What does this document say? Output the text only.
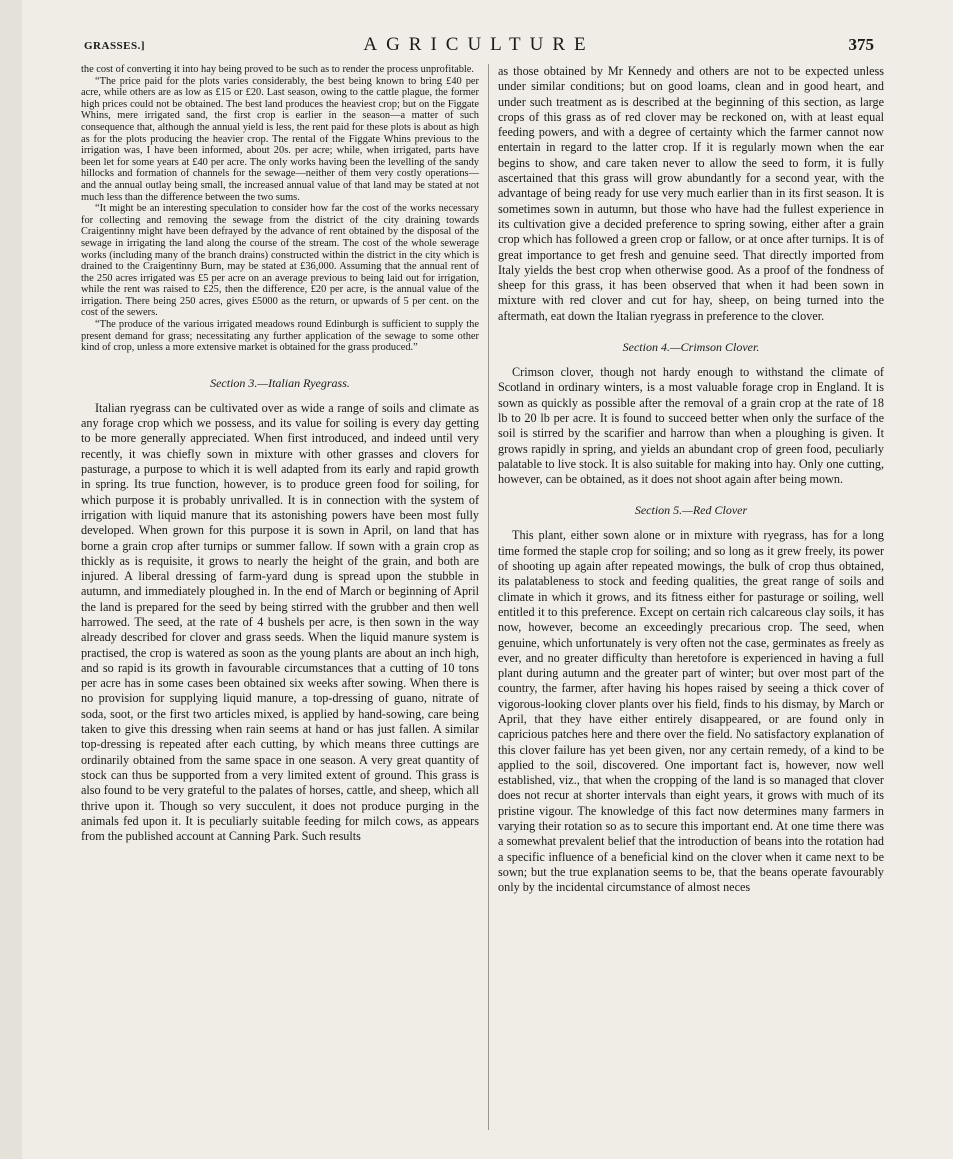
GRASSES.]	AGRICULTURE	375

the cost of converting it into hay being proved to be such as to render the process unprofitable.

“The price paid for the plots varies considerably, the best being known to bring £40 per acre, while others are as low as £15 or £20. Last season, owing to the cattle plague, the former high prices could not be obtained. The best land produces the heaviest crop; but on the Figgate Whins, mere irrigated sand, the first crop is earlier in the season—a matter of such consequence that, although the annual yield is less, the rent paid for these plots is about as high as for the plots producing the heavier crop. The rental of the Figgate Whins previous to the irrigation was, I have been informed, about 20s. per acre; while, when irrigated, parts have been let for some years at £40 per acre. The only works having been the levelling of the sandy hillocks and formation of channels for the sewage—neither of them very costly operations—and the annual outlay being small, the increased annual value of that land may be stated at not much less than the difference between the two sums.

“It might be an interesting speculation to consider how far the cost of the works necessary for collecting and removing the sewage from the district of the city draining towards Craigentinny might have been defrayed by the advance of rent obtained by the disposal of the sewage in irrigating the land along the course of the stream. The cost of the whole sewerage works (including many of the branch drains) constructed within the district in the city which is drained to the Craigentinny Burn, may be stated at £36,000. Assuming that the annual rent of the 250 acres irrigated was £5 per acre on an average previous to being laid out for irrigation, while the rent was raised to £25, then the difference, £20 per acre, is the annual value of the irrigation. There being 250 acres, gives £5000 as the return, or upwards of 5 per cent. on the cost of the sewers.

“The produce of the various irrigated meadows round Edinburgh is sufficient to supply the present demand for grass; necessitating any further application of the sewage to some other kind of crop, unless a more extensive market is obtained for the grass produced.”

Section 3.—Italian Ryegrass.

Italian ryegrass can be cultivated over as wide a range of soils and climate as any forage crop which we possess, and its value for soiling is every day getting to be more generally appreciated. When first introduced, and indeed until very recently, it was chiefly sown in mixture with other grasses and clovers for pasturage, a purpose to which it is well adapted from its early and rapid growth in spring. Its true function, however, is to produce green food for soiling, for which purpose it is probably unrivalled. It is in connection with the system of irrigation with liquid manure that its astonishing powers have been most fully developed. When grown for this purpose it is sown in April, on land that has borne a grain crop after turnips or summer fallow. If sown with a grain crop as thickly as is requisite, it grows to nearly the height of the grain, and both are injured. A liberal dressing of farm-yard dung is spread upon the stubble in autumn, and immediately ploughed in. In the end of March or beginning of April the land is prepared for the seed by being stirred with the grubber and then well harrowed. The seed, at the rate of 4 bushels per acre, is then sown in the way already described for clover and grass seeds. When the liquid manure system is practised, the crop is watered as soon as the young plants are about an inch high, and so rapid is its growth in favourable circumstances that a cutting of 10 tons per acre has in some cases been obtained six weeks after sowing. When there is no provision for supplying liquid manure, a top-dressing of guano, nitrate of soda, soot, or the first two articles mixed, is applied by hand-sowing, care being taken to give this dressing when rain seems at hand or has just fallen. A similar top-dressing is repeated after each cutting, by which means three cuttings are ordinarily obtained from the same space in one season. A very great quantity of stock can thus be supported from a very limited extent of ground. This grass is also found to be very grateful to the palates of horses, cattle, and sheep, which all thrive upon it. Though so very succulent, it does not produce purging in the animals fed upon it. It is peculiarly suitable feeding for milch cows, as appears from the published account at Canning Park. Such results

as those obtained by Mr Kennedy and others are not to be expected unless under similar conditions; but on good loams, clean and in good heart, and under such treatment as is described at the beginning of this section, as large crops of this grass as of red clover may be reckoned on, with at least equal feeding powers, and with a degree of certainty which the farmer cannot now entertain in regard to the latter crop. If it is regularly mown when the ear begins to show, and care taken never to allow the seed to form, it is fully ascertained that this grass will grow abundantly for a second year, with the advantage of being ready for use very much earlier than in its first season. It is sometimes sown in autumn, but those who have had the fullest experience in its cultivation give a decided preference to spring sowing, either after a grain crop which has followed a green crop or fallow, or at once after turnips. It is of great importance to get fresh and genuine seed. That directly imported from Italy yields the best crop when otherwise good. As a proof of the fondness of sheep for this grass, it has been observed that when it had been sown in mixture with red clover and cut for hay, sheep, on being turned into the aftermath, eat down the Italian ryegrass in preference to the clover.

Section 4.—Crimson Clover.

Crimson clover, though not hardy enough to withstand the climate of Scotland in ordinary winters, is a most valuable forage crop in England. It is sown as quickly as possible after the removal of a grain crop at the rate of 18 lb to 20 lb per acre. It is found to succeed better when only the surface of the soil is stirred by the scarifier and harrow than when a ploughing is given. It grows rapidly in spring, and yields an abundant crop of green food, peculiarly palatable to live stock. It is also suitable for making into hay. Only one cutting, however, can be obtained, as it does not shoot again after being mown.

Section 5.—Red Clover

This plant, either sown alone or in mixture with ryegrass, has for a long time formed the staple crop for soiling; and so long as it grew freely, its power of shooting up again after repeated mowings, the bulk of crop thus obtained, its palatableness to stock and feeding qualities, the great range of soils and climate in which it grows, and its fitness either for pasturage or soiling, well entitled it to this preference. Except on certain rich calcareous clay soils, it has now, however, become an exceedingly precarious crop. The seed, when genuine, which unfortunately is very often not the case, germinates as freely as ever, and no greater difficulty than heretofore is experienced in having a full plant during autumn and the greater part of winter; but over most part of the country, the farmer, after having his hopes raised by seeing a thick cover of vigorous-looking clover plants over his field, finds to his dismay, by March or April, that they have either entirely disappeared, or are found only in capricious patches here and there over the field. No satisfactory explanation of this clover failure has yet been given, nor any certain remedy, of a kind to be applied to the soil, discovered. One important fact is, however, now well established, viz., that when the cropping of the land is so managed that clover does not recur at shorter intervals than eight years, it grows with much of its pristine vigour. The knowledge of this fact now determines many farmers in varying their rotation so as to secure this important end. At one time there was a somewhat prevalent belief that the introduction of beans into the rotation had a specific influence of a beneficial kind on the clover when it came next to be sown; but the true explanation seems to be, that the beans operate favourably only by the incidental circumstance of almost neces
